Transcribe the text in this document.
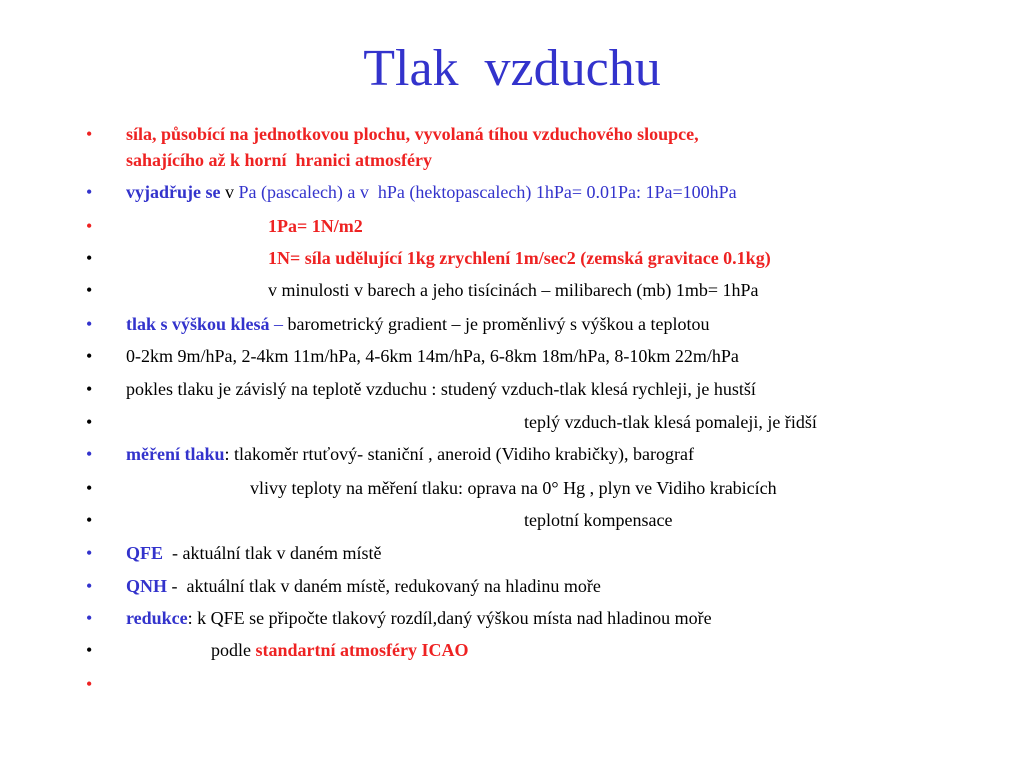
Tlak  vzduchu
• síla, působící na jednotkovou plochu, vyvolaná tíhou vzduchového sloupce,
sahajícího až k horní  hranici atmosféry
• vyjadřuje se v Pa (pascalech) a v  hPa (hektopascalech) 1hPa= 0.01Pa: 1Pa=100hPa
•	1Pa= 1N/m2
•	1N= síla udělující 1kg zrychlení 1m/sec2 (zemská gravitace 0.1kg)
•	v minulosti v barech a jeho tisícinách – milibarech (mb) 1mb= 1hPa
• tlak s výškou klesá – barometrický gradient – je proměnlivý s výškou a teplotou
• 0-2km 9m/hPa, 2-4km 11m/hPa, 4-6km 14m/hPa, 6-8km 18m/hPa, 8-10km 22m/hPa
• pokles tlaku je závislý na teplotě vzduchu : studený vzduch-tlak klesá rychleji, je hustší
•	teplý vzduch-tlak klesá pomaleji, je řidší
• měření tlaku: tlakoměr rtuťový- staniční , aneroid (Vidiho krabičky), barograf
•	vlivy teploty na měření tlaku: oprava na 0° Hg , plyn ve Vidiho krabicích
•	teplotní kompensace
• QFE  - aktuální tlak v daném místě
• QNH -  aktuální tlak v daném místě, redukovaný na hladinu moře
• redukce: k QFE se připočte tlakový rozdíl,daný výškou místa nad hladinou moře
•	podle standartní atmosféry ICAO
•
